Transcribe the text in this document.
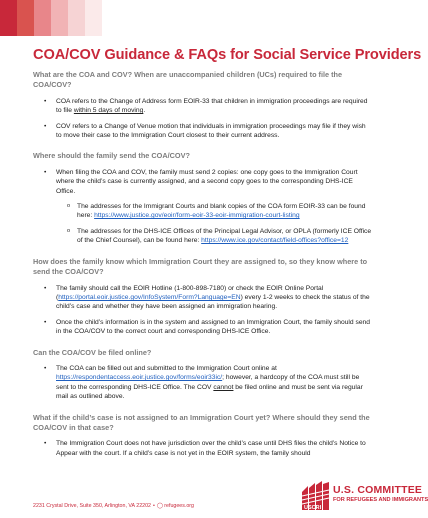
COA/COV Guidance & FAQs for Social Service Providers

What are the COA and COV? When are unaccompanied children (UCs) required to file the COA/COV?

• COA refers to the Change of Address form EOIR-33 that children in immigration proceedings are required to file within 5 days of moving.

• COV refers to a Change of Venue motion that individuals in immigration proceedings may file if they wish to move their case to the Immigration Court closest to their current address.

Where should the family send the COA/COV?

• When filing the COA and COV, the family must send 2 copies: one copy goes to the Immigration Court where the child’s case is currently assigned, and a second copy goes to the corresponding DHS-ICE Office.

o The addresses for the Immigrant Courts and blank copies of the COA form EOIR-33 can be found here: https://www.justice.gov/eoir/form-eoir-33-eoir-immigration-court-listing

o The addresses for the DHS-ICE Offices of the Principal Legal Advisor, or OPLA (formerly ICE Office of the Chief Counsel), can be found here: https://www.ice.gov/contact/field-offices?office=12

How does the family know which Immigration Court they are assigned to, so they know where to send the COA/COV?

• The family should call the EOIR Hotline (1-800-898-7180) or check the EOIR Online Portal (https://portal.eoir.justice.gov/InfoSystem/Form?Language=EN) every 1-2 weeks to check the status of the child’s case and whether they have been assigned an immigration hearing.

• Once the child’s information is in the system and assigned to an Immigration Court, the family should send in the COA/COV to the correct court and corresponding DHS-ICE Office.

Can the COA/COV be filed online?

• The COA can be filled out and submitted to the Immigration Court online at https://respondentaccess.eoir.justice.gov/forms/eoir33ic/; however, a hardcopy of the COA must still be sent to the corresponding DHS-ICE Office. The COV cannot be filed online and must be sent via regular mail as outlined above.

What if the child’s case is not assigned to an Immigration Court yet? Where should they send the COA/COV in that case?

• The Immigration Court does not have jurisdiction over the child’s case until DHS files the child’s Notice to Appear with the court. If a child’s case is not yet in the EOIR system, the family should

2231 Crystal Drive, Suite 350, Arlington, VA 22202 • ◯ refugees.org	USCRI
U.S. COMMITTEE
FOR REFUGEES AND IMMIGRANTS
